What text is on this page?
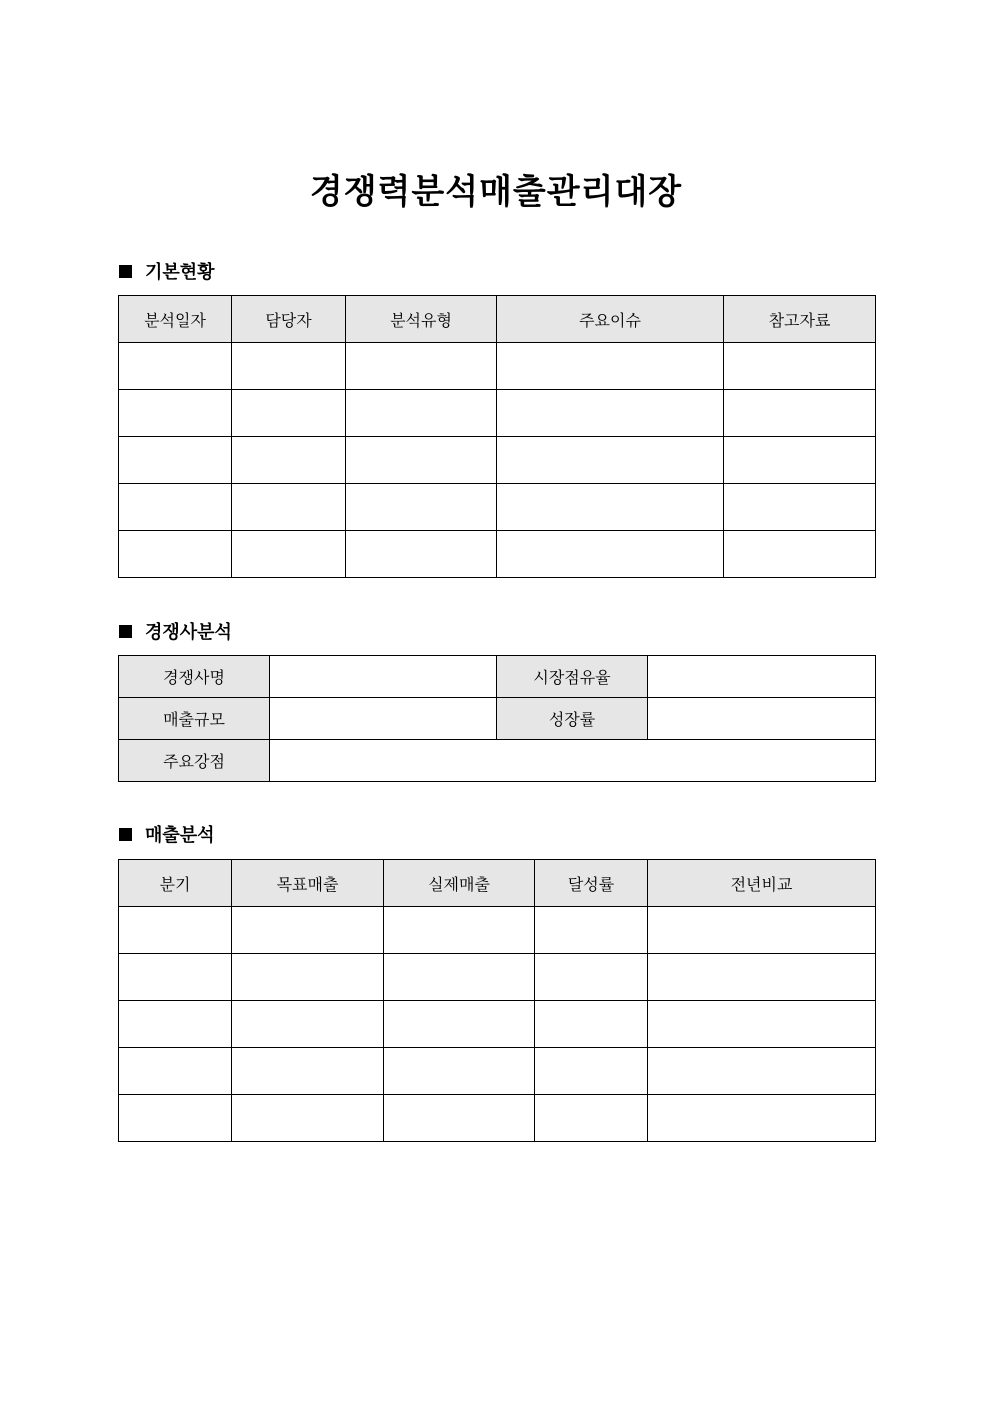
경쟁력분석매출관리대장
기본현황
분석일자	담당자	분석유형	주요이슈	참고자료

경쟁사분석
경쟁사명		시장점유율	
매출규모		성장률	
주요강점			
매출분석
분기	목표매출	실제매출	달성률	전년비교
